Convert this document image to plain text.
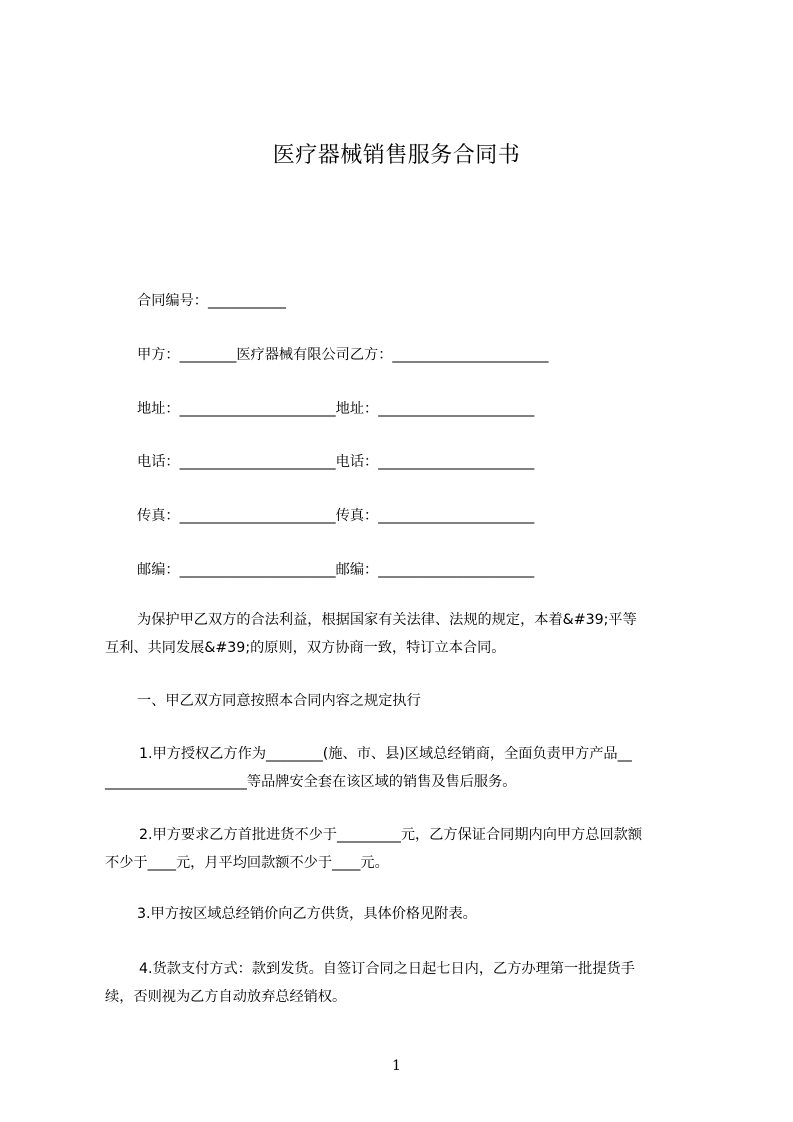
医疗器械销售服务合同书
合同编号：___________
甲方：________医疗器械有限公司乙方：______________________
地址：______________________地址：______________________
电话：______________________电话：______________________
传真：______________________传真：______________________
邮编：______________________邮编：______________________
为保护甲乙双方的合法利益，根据国家有关法律、法规的规定，本着&#39;平等
互利、共同发展&#39;的原则，双方协商一致，特订立本合同。
一、甲乙双方同意按照本合同内容之规定执行
1.甲方授权乙方作为________(施、市、县)区域总经销商，全面负责甲方产品__
____________________等品牌安全套在该区域的销售及售后服务。
2.甲方要求乙方首批进货不少于_________元，乙方保证合同期内向甲方总回款额
不少于____元，月平均回款额不少于____元。
3.甲方按区域总经销价向乙方供货，具体价格见附表。
4.货款支付方式：款到发货。自签订合同之日起七日内，乙方办理第一批提货手
续，否则视为乙方自动放弃总经销权。
1
